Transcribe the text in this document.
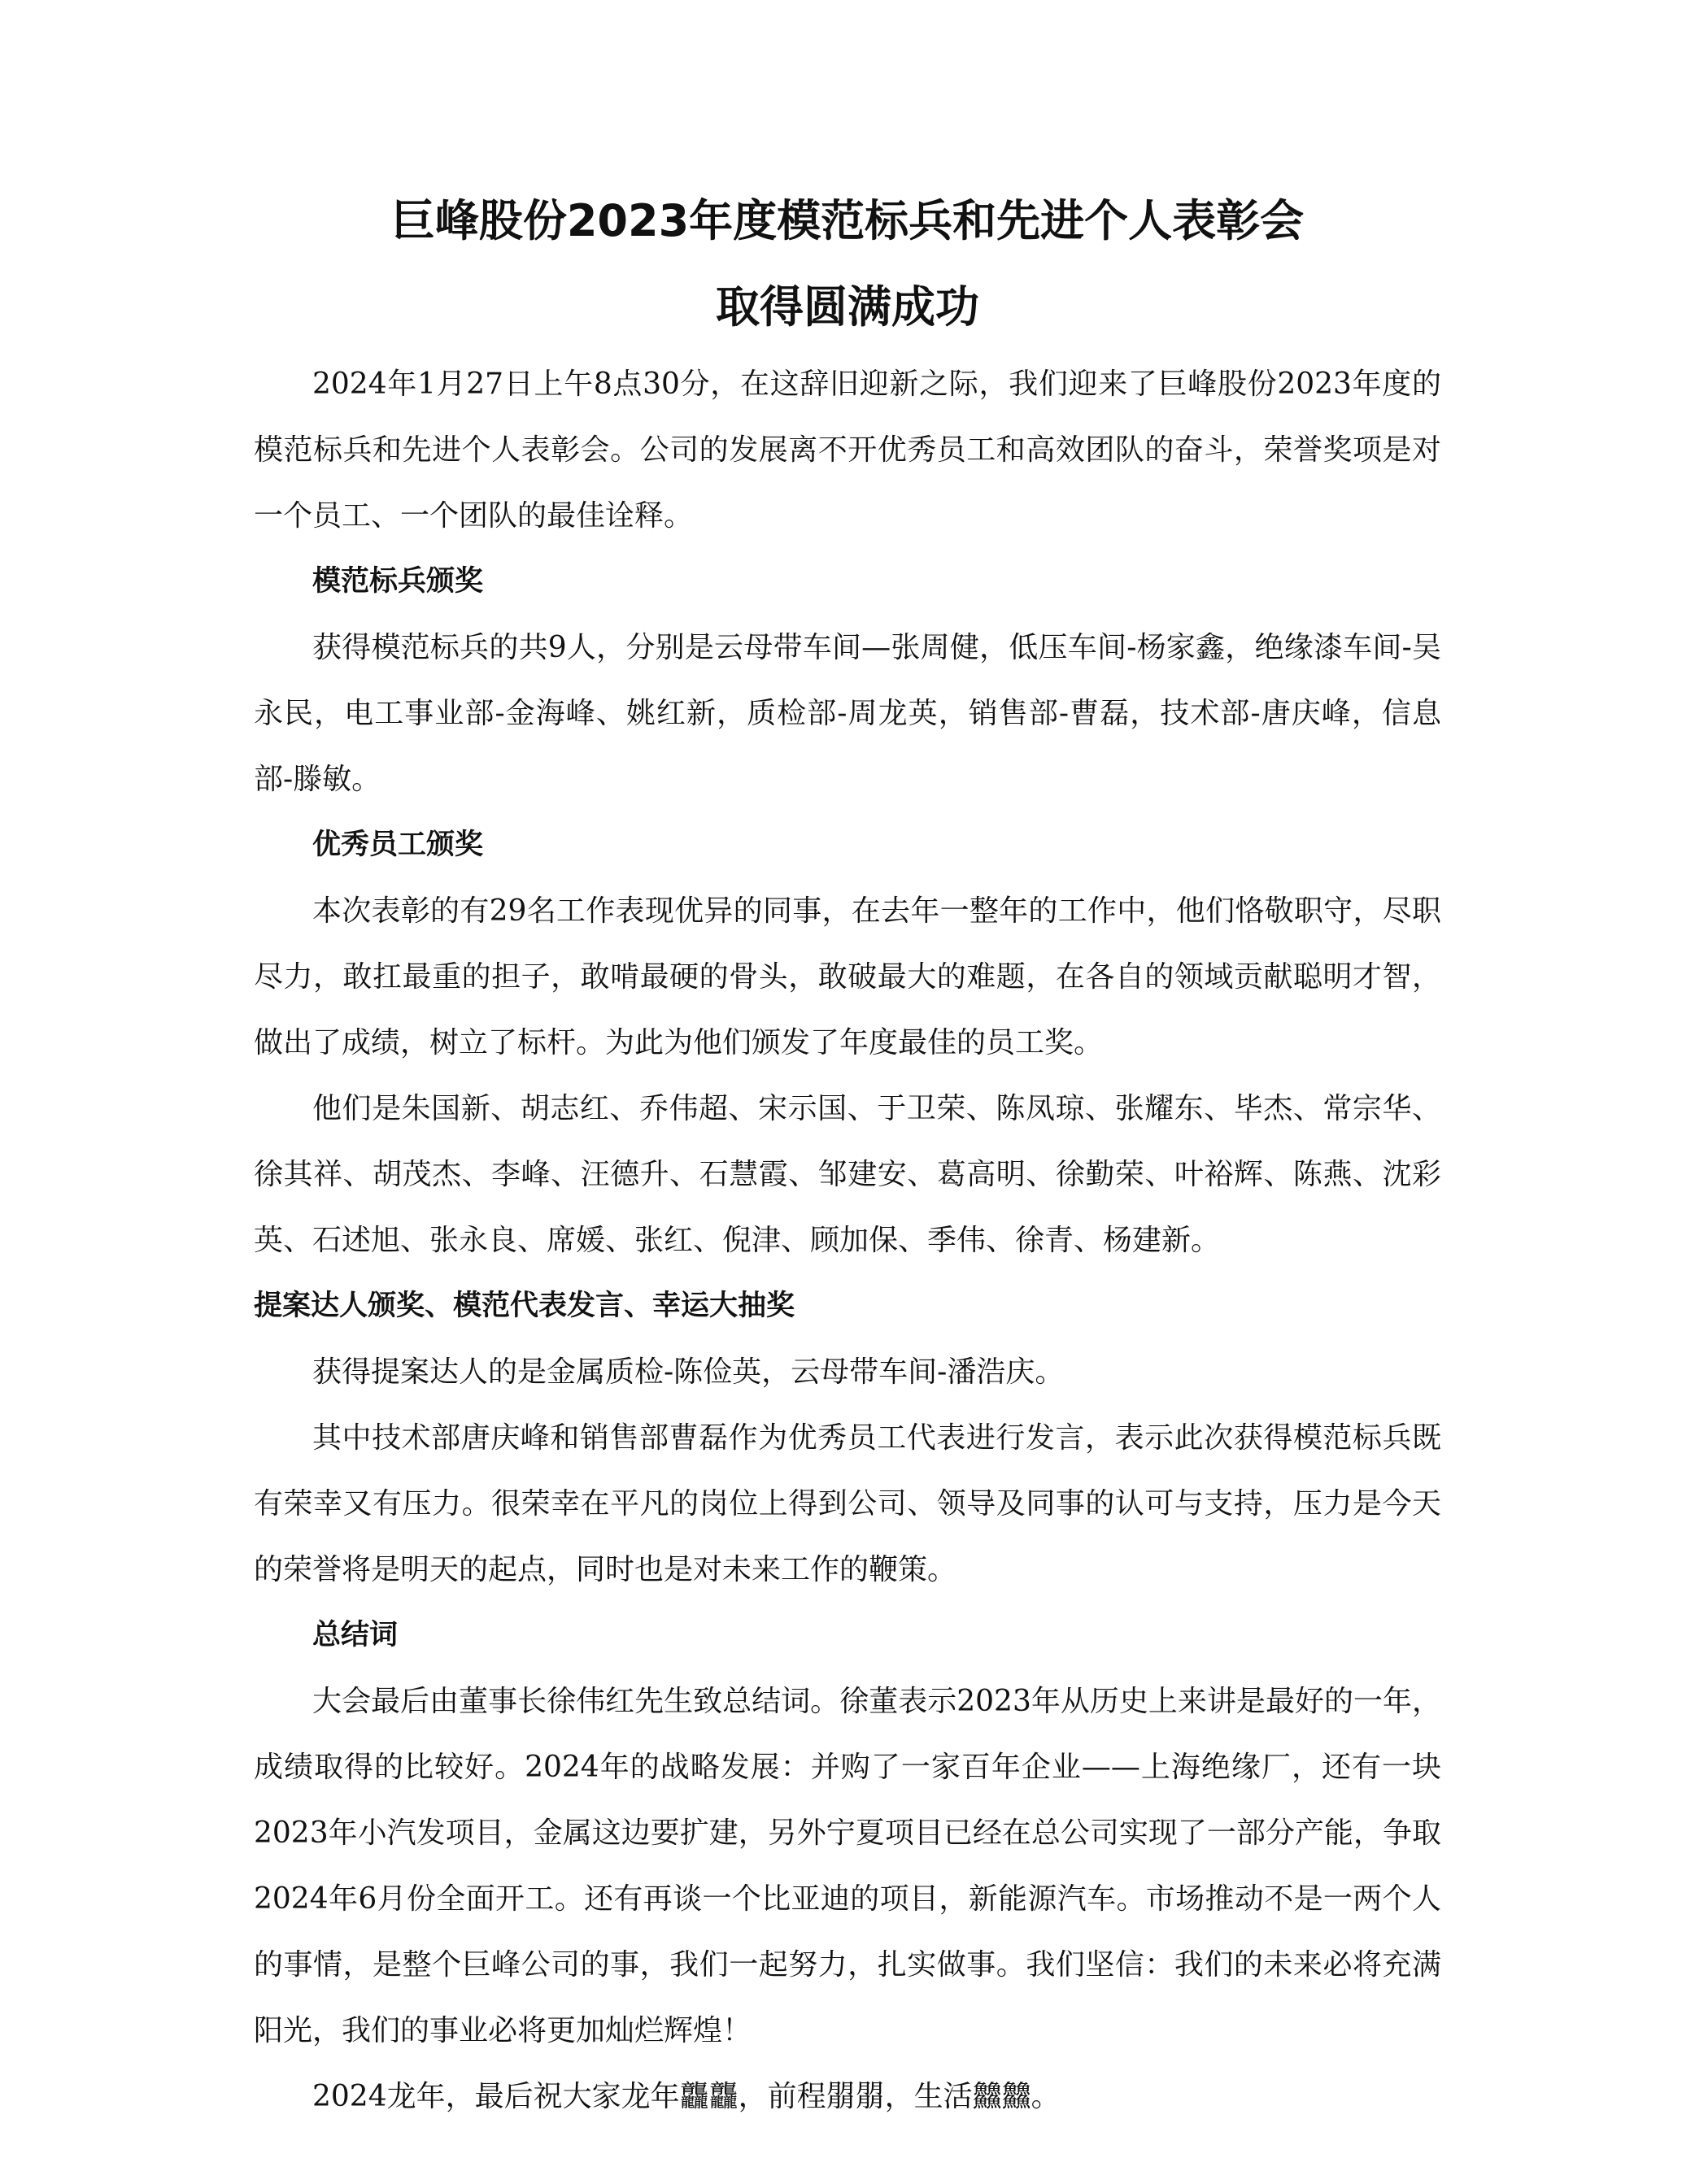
巨峰股份2023年度模范标兵和先进个人表彰会
取得圆满成功

2024年1月27日上午8点30分，在这辞旧迎新之际，我们迎来了巨峰股份2023年度的模范标兵和先进个人表彰会。公司的发展离不开优秀员工和高效团队的奋斗，荣誉奖项是对一个员工、一个团队的最佳诠释。

模范标兵颁奖

获得模范标兵的共9人，分别是云母带车间—张周健，低压车间-杨家鑫，绝缘漆车间-吴永民，电工事业部-金海峰、姚红新，质检部-周龙英，销售部-曹磊，技术部-唐庆峰，信息部-滕敏。

优秀员工颁奖

本次表彰的有29名工作表现优异的同事，在去年一整年的工作中，他们恪敬职守，尽职尽力，敢扛最重的担子，敢啃最硬的骨头，敢破最大的难题，在各自的领域贡献聪明才智，做出了成绩，树立了标杆。为此为他们颁发了年度最佳的员工奖。

他们是朱国新、胡志红、乔伟超、宋示国、于卫荣、陈凤琼、张耀东、毕杰、常宗华、徐其祥、胡茂杰、李峰、汪德升、石慧霞、邹建安、葛高明、徐勤荣、叶裕辉、陈燕、沈彩英、石述旭、张永良、席媛、张红、倪津、顾加保、季伟、徐青、杨建新。

提案达人颁奖、模范代表发言、幸运大抽奖

获得提案达人的是金属质检-陈俭英，云母带车间-潘浩庆。

其中技术部唐庆峰和销售部曹磊作为优秀员工代表进行发言，表示此次获得模范标兵既有荣幸又有压力。很荣幸在平凡的岗位上得到公司、领导及同事的认可与支持，压力是今天的荣誉将是明天的起点，同时也是对未来工作的鞭策。

总结词

大会最后由董事长徐伟红先生致总结词。徐董表示2023年从历史上来讲是最好的一年，成绩取得的比较好。2024年的战略发展：并购了一家百年企业——上海绝缘厂，还有一块2023年小汽发项目，金属这边要扩建，另外宁夏项目已经在总公司实现了一部分产能，争取2024年6月份全面开工。还有再谈一个比亚迪的项目，新能源汽车。市场推动不是一两个人的事情，是整个巨峰公司的事，我们一起努力，扎实做事。我们坚信：我们的未来必将充满阳光，我们的事业必将更加灿烂辉煌！

2024龙年，最后祝大家龙年龘龘，前程朤朤，生活䲜䲜。
